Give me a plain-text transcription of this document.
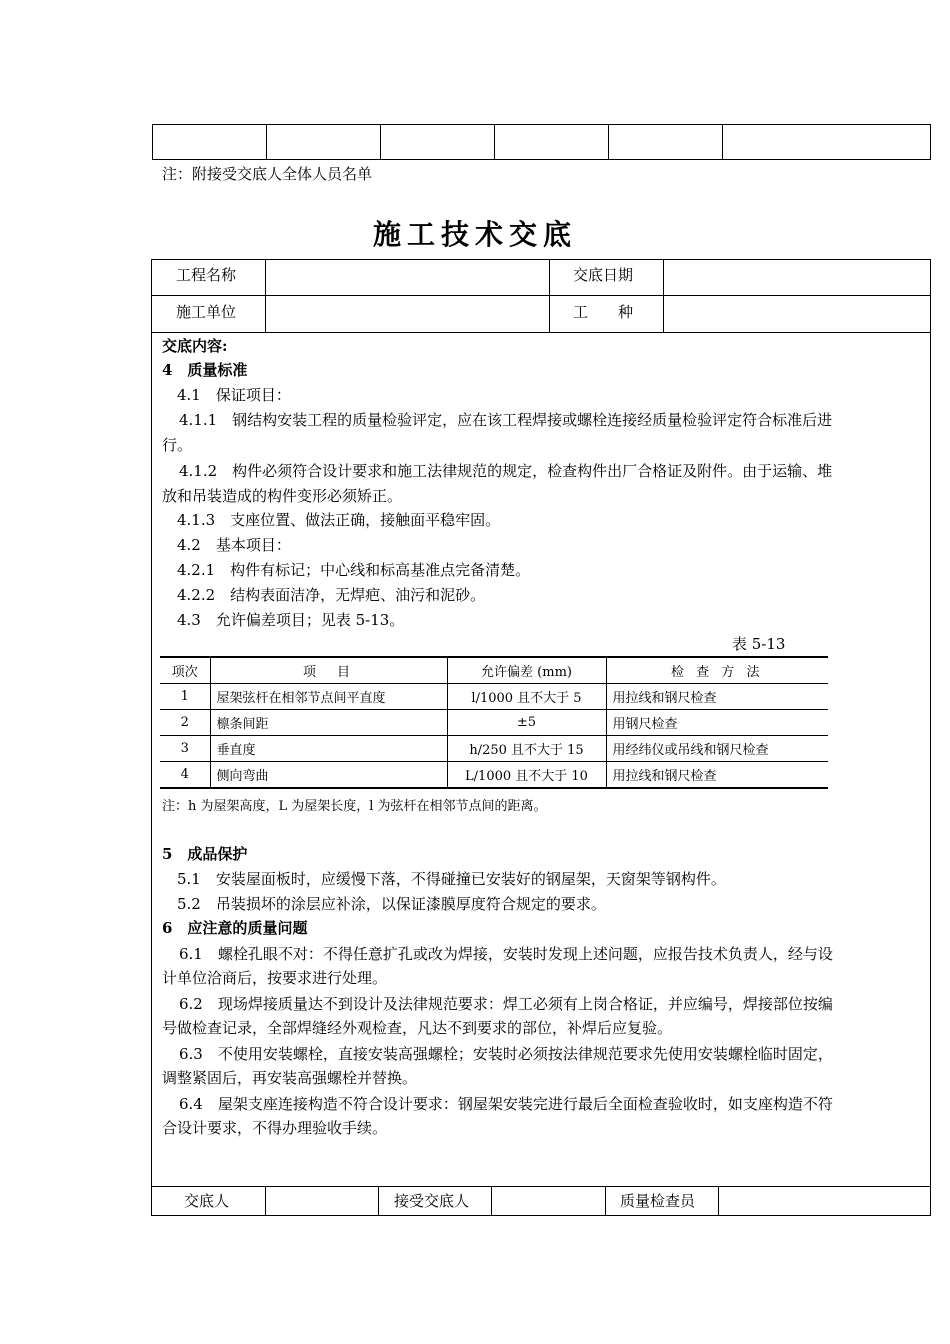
注：附接受交底人全体人员名单
施工技术交底
工程名称	交底日期
施工单位	工　　种
交底内容:
4　质量标准
4.1　保证项目：
4.1.1　钢结构安装工程的质量检验评定，应在该工程焊接或螺栓连接经质量检验评定符合标准后进
行。
4.1.2　构件必须符合设计要求和施工法律规范的规定，检查构件出厂合格证及附件。由于运输、堆
放和吊装造成的构件变形必须矫正。
4.1.3　支座位置、做法正确，接触面平稳牢固。
4.2　基本项目：
4.2.1　构件有标记；中心线和标高基准点完备清楚。
4.2.2　结构表面洁净，无焊疤、油污和泥砂。
4.3　允许偏差项目；见表 5-13。
表 5-13
项次	项　目	允许偏差 (mm)	检 查 方 法
1	屋架弦杆在相邻节点间平直度	l/1000 且不大于 5	用拉线和钢尺检查
2	檩条间距	±5	用钢尺检查
3	垂直度	h/250 且不大于 15	用经纬仪或吊线和钢尺检查
4	侧向弯曲	L/1000 且不大于 10	用拉线和钢尺检查
注：h 为屋架高度，L 为屋架长度，l 为弦杆在相邻节点间的距离。
5　成品保护
5.1　安装屋面板时，应缓慢下落，不得碰撞已安装好的钢屋架，天窗架等钢构件。
5.2　吊装损坏的涂层应补涂，以保证漆膜厚度符合规定的要求。
6　应注意的质量问题
6.1　螺栓孔眼不对：不得任意扩孔或改为焊接，安装时发现上述问题，应报告技术负责人，经与设
计单位洽商后，按要求进行处理。
6.2　现场焊接质量达不到设计及法律规范要求：焊工必须有上岗合格证，并应编号，焊接部位按编
号做检查记录，全部焊缝经外观检查，凡达不到要求的部位，补焊后应复验。
6.3　不使用安装螺栓，直接安装高强螺栓；安装时必须按法律规范要求先使用安装螺栓临时固定，
调整紧固后，再安装高强螺栓并替换。
6.4　屋架支座连接构造不符合设计要求：钢屋架安装完进行最后全面检查验收时，如支座构造不符
合设计要求，不得办理验收手续。
交底人	接受交底人	质量检查员
